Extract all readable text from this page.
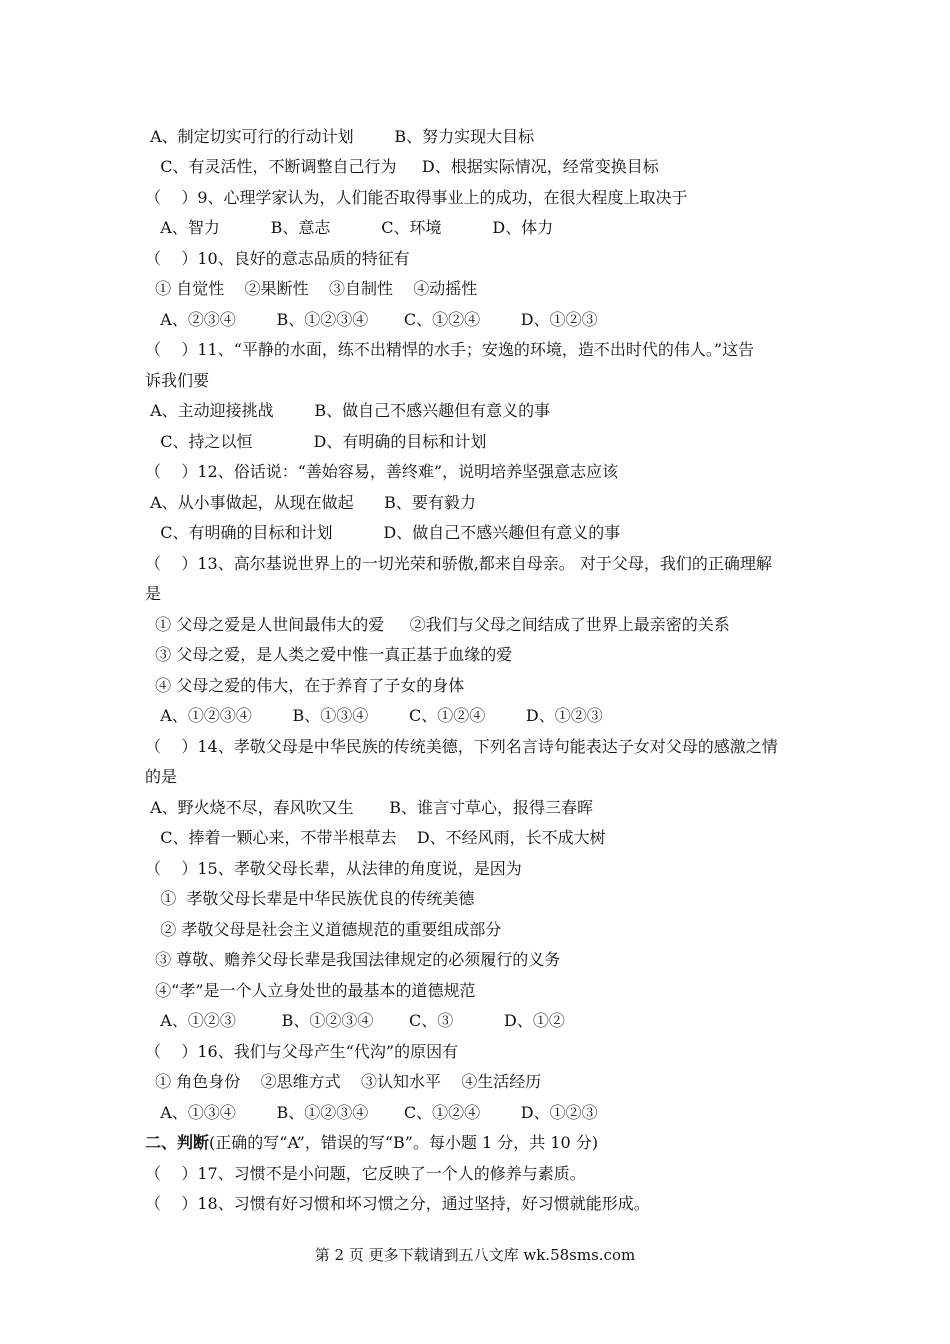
A、制定切实可行的行动计划        B、努力实现大目标
C、有灵活性，不断调整自己行为     D、根据实际情况，经常变换目标
（    ）9、心理学家认为，人们能否取得事业上的成功，在很大程度上取决于
A、智力          B、意志          C、环境          D、体力
（    ）10、良好的意志品质的特征有
① 自觉性    ②果断性    ③自制性    ④动摇性
A、②③④        B、①②③④       C、①②④        D、①②③
（    ）11、“平静的水面，练不出精悍的水手；安逸的环境，造不出时代的伟人。”这告
诉我们要
A、主动迎接挑战        B、做自己不感兴趣但有意义的事
C、持之以恒            D、有明确的目标和计划
（    ）12、俗话说：“善始容易，善终难”，说明培养坚强意志应该
A、从小事做起，从现在做起      B、要有毅力
C、有明确的目标和计划          D、做自己不感兴趣但有意义的事
（    ）13、高尔基说世界上的一切光荣和骄傲,都来自母亲。 对于父母，我们的正确理解
是
① 父母之爱是人世间最伟大的爱     ②我们与父母之间结成了世界上最亲密的关系
③ 父母之爱，是人类之爱中惟一真正基于血缘的爱
④ 父母之爱的伟大，在于养育了子女的身体
A、①②③④        B、①③④        C、①②④        D、①②③
（    ）14、孝敬父母是中华民族的传统美德，下列名言诗句能表达子女对父母的感激之情
的是
A、野火烧不尽，春风吹又生       B、谁言寸草心，报得三春晖
C、捧着一颗心来，不带半根草去    D、不经风雨，长不成大树
（    ）15、孝敬父母长辈，从法律的角度说，是因为
①  孝敬父母长辈是中华民族优良的传统美德
② 孝敬父母是社会主义道德规范的重要组成部分
③ 尊敬、赡养父母长辈是我国法律规定的必须履行的义务
④“孝”是一个人立身处世的最基本的道德规范
A、①②③         B、①②③④       C、③          D、①②
（    ）16、我们与父母产生“代沟”的原因有
① 角色身份    ②思维方式    ③认知水平    ④生活经历
A、①③④        B、①②③④       C、①②④        D、①②③
二、判断(正确的写“A”，错误的写“B”。每小题 1 分，共 10 分)
（    ）17、习惯不是小问题，它反映了一个人的修养与素质。
（    ）18、习惯有好习惯和坏习惯之分，通过坚持，好习惯就能形成。
第 2 页 更多下载请到五八文库 wk.58sms.com
